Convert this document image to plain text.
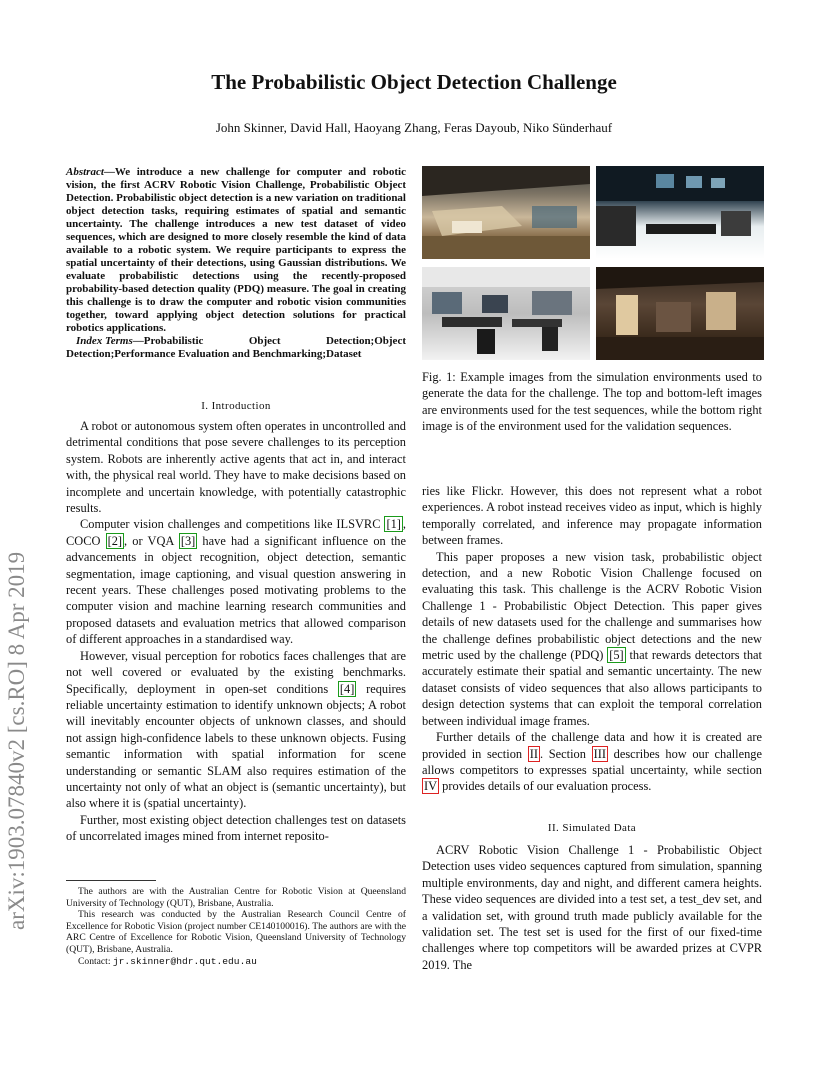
The Probabilistic Object Detection Challenge
John Skinner, David Hall, Haoyang Zhang, Feras Dayoub, Niko Sünderhauf
arXiv:1903.07840v2 [cs.RO] 8 Apr 2019
Abstract—We introduce a new challenge for computer and robotic vision, the first ACRV Robotic Vision Challenge, Probabilistic Object Detection. Probabilistic object detection is a new variation on traditional object detection tasks, requiring estimates of spatial and semantic uncertainty. The challenge introduces a new test dataset of video sequences, which are designed to more closely resemble the kind of data available to a robotic system. We require participants to express the spatial uncertainty of their detections, using Gaussian distributions. We evaluate probabilistic detections using the recently-proposed probability-based detection quality (PDQ) measure. The goal in creating this challenge is to draw the computer and robotic vision communities together, toward applying object detection solutions for practical robotics applications.
Index Terms—Probabilistic Object Detection;Object Detection;Performance Evaluation and Benchmarking;Dataset
I. Introduction

A robot or autonomous system often operates in uncontrolled and detrimental conditions that pose severe challenges to its perception system. Robots are inherently active agents that act in, and interact with, the physical real world. They have to make decisions based on incomplete and uncertain knowledge, with potentially catastrophic results.

Computer vision challenges and competitions like ILSVRC [1] , COCO [2] , or VQA [3] have had a significant influence on the advancements in object recognition, object detection, semantic segmentation, image captioning, and visual question answering in recent years. These challenges posed motivating problems to the computer vision and machine learning research communities and proposed datasets and evaluation metrics that allowed comparison of different approaches in a standardised way.

However, visual perception for robotics faces challenges that are not well covered or evaluated by the existing benchmarks. Specifically, deployment in open-set conditions [4] requires reliable uncertainty estimation to identify unknown objects; A robot will inevitably encounter objects of unknown classes, and should not assign high-confidence labels to these unknown objects. Fusing semantic information with spatial information for scene understanding or semantic SLAM also requires estimation of the uncertainty not only of what an object is (semantic uncertainty), but also where it is (spatial uncertainty).

Further, most existing object detection challenges test on datasets of uncorrelated images mined from internet reposito-

The authors are with the Australian Centre for Robotic Vision at Queensland University of Technology (QUT), Brisbane, Australia.

This research was conducted by the Australian Research Council Centre of Excellence for Robotic Vision (project number CE140100016). The authors are with the ARC Centre of Excellence for Robotic Vision, Queensland University of Technology (QUT), Brisbane, Australia.

Contact: jr.skinner@hdr.qut.edu.au

Fig. 1: Example images from the simulation environments used to generate the data for the challenge. The top and bottom-left images are environments used for the test sequences, while the bottom right image is of the environment used for the validation sequences.

ries like Flickr. However, this does not represent what a robot experiences. A robot instead receives video as input, which is highly temporally correlated, and inference may propagate information between frames.

This paper proposes a new vision task, probabilistic object detection, and a new Robotic Vision Challenge focused on evaluating this task. This challenge is the ACRV Robotic Vision Challenge 1 - Probabilistic Object Detection. This paper gives details of new datasets used for the challenge and summarises how the challenge defines probabilistic object detections and the new metric used by the challenge (PDQ) [5] that rewards detectors that accurately estimate their spatial and semantic uncertainty. The new dataset consists of video sequences that also allows participants to design detection systems that can exploit the temporal correlation between individual image frames.

Further details of the challenge data and how it is created are provided in section II . Section III describes how our challenge allows competitors to expresses spatial uncertainty, while section IV provides details of our evaluation process.

II. Simulated Data

ACRV Robotic Vision Challenge 1 - Probabilistic Object Detection uses video sequences captured from simulation, spanning multiple environments, day and night, and different camera heights. These video sequences are divided into a test set, a test_dev set, and a validation set, with ground truth made publicly available for the validation set. The test set is used for the first of our fixed-time challenges where top competitors will be awarded prizes at CVPR 2019. The
